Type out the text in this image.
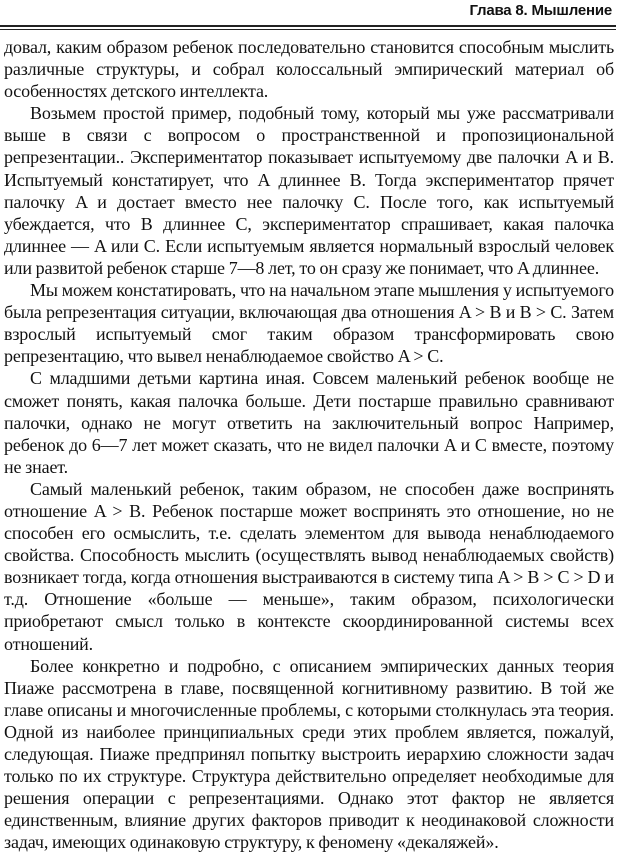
Глава 8. Мышление

довал, каким образом ребенок последовательно становится способным мыслить различные структуры, и собрал колоссальный эмпирический материал об особенностях детского интеллекта.

Возьмем простой пример, подобный тому, который мы уже рассматривали выше в связи с вопросом о пространственной и пропозициональной репрезентации.. Экспериментатор показывает испытуемому две палочки A и B. Испытуемый констатирует, что A длиннее B. Тогда экспериментатор прячет палочку A и достает вместо нее палочку C. После того, как испытуемый убеждается, что B длиннее C, экспериментатор спрашивает, какая палочка длиннее — A или C. Если испытуемым является нормальный взрослый человек или развитой ребенок старше 7—8 лет, то он сразу же понимает, что A длиннее.

Мы можем констатировать, что на начальном этапе мышления у испытуемого была репрезентация ситуации, включающая два отношения A > B и B > C. Затем взрослый испытуемый смог таким образом трансформировать свою репрезентацию, что вывел ненаблюдаемое свойство A > C.

С младшими детьми картина иная. Совсем маленький ребенок вообще не сможет понять, какая палочка больше. Дети постарше правильно сравнивают палочки, однако не могут ответить на заключительный вопрос Например, ребенок до 6—7 лет может сказать, что не видел палочки A и C вместе, поэтому не знает.

Самый маленький ребенок, таким образом, не способен даже воспринять отношение A > B. Ребенок постарше может воспринять это отношение, но не способен его осмыслить, т.е. сделать элементом для вывода ненаблюдаемого свойства. Способность мыслить (осуществлять вывод ненаблюдаемых свойств) возникает тогда, когда отношения выстраиваются в систему типа A > B > C > D и т.д. Отношение «больше — меньше», таким образом, психологически приобретают смысл только в контексте скоординированной системы всех отношений.

Более конкретно и подробно, с описанием эмпирических данных теория Пиаже рассмотрена в главе, посвященной когнитивному развитию. В той же главе описаны и многочисленные проблемы, с которыми столкнулась эта теория. Одной из наиболее принципиальных среди этих проблем является, пожалуй, следующая. Пиаже предпринял попытку выстроить иерархию сложности задач только по их структуре. Структура действительно определяет необходимые для решения операции с репрезентациями. Однако этот фактор не является единственным, влияние других факторов приводит к неодинаковой сложности задач, имеющих одинаковую структуру, к феномену «декаляжей».
